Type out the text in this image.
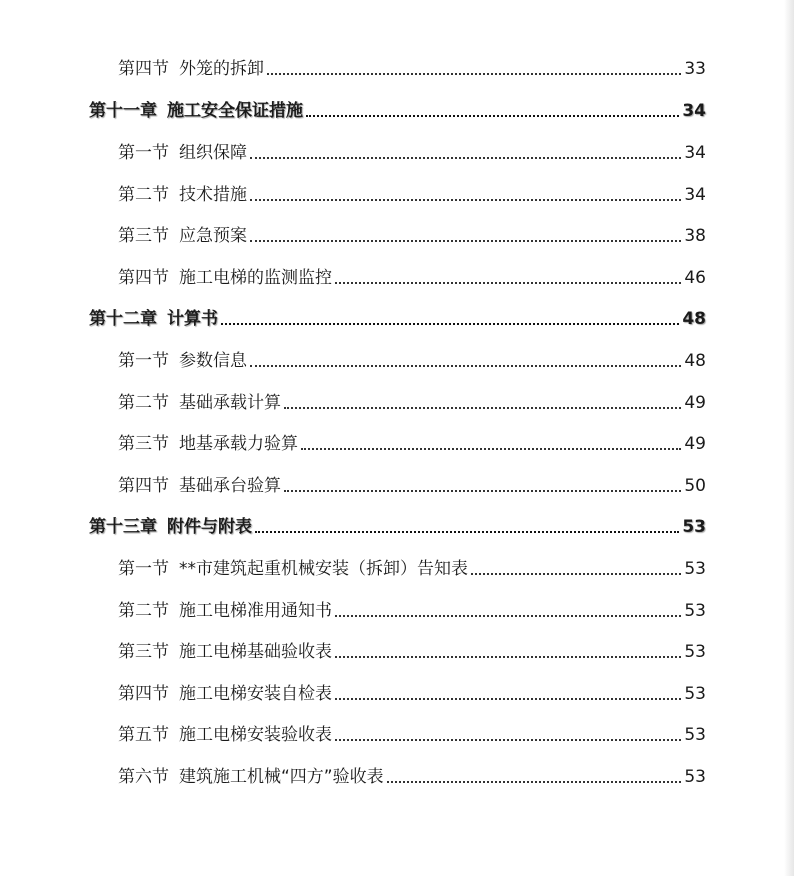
第四节 外笼的拆卸	33
第十一章 施工安全保证措施	34
第一节 组织保障	34
第二节 技术措施	34
第三节 应急预案	38
第四节 施工电梯的监测监控	46
第十二章 计算书	48
第一节 参数信息	48
第二节 基础承载计算	49
第三节 地基承载力验算	49
第四节 基础承台验算	50
第十三章 附件与附表	53
第一节 **市建筑起重机械安装（拆卸）告知表	53
第二节 施工电梯准用通知书	53
第三节 施工电梯基础验收表	53
第四节 施工电梯安装自检表	53
第五节 施工电梯安装验收表	53
第六节 建筑施工机械“四方”验收表	53
